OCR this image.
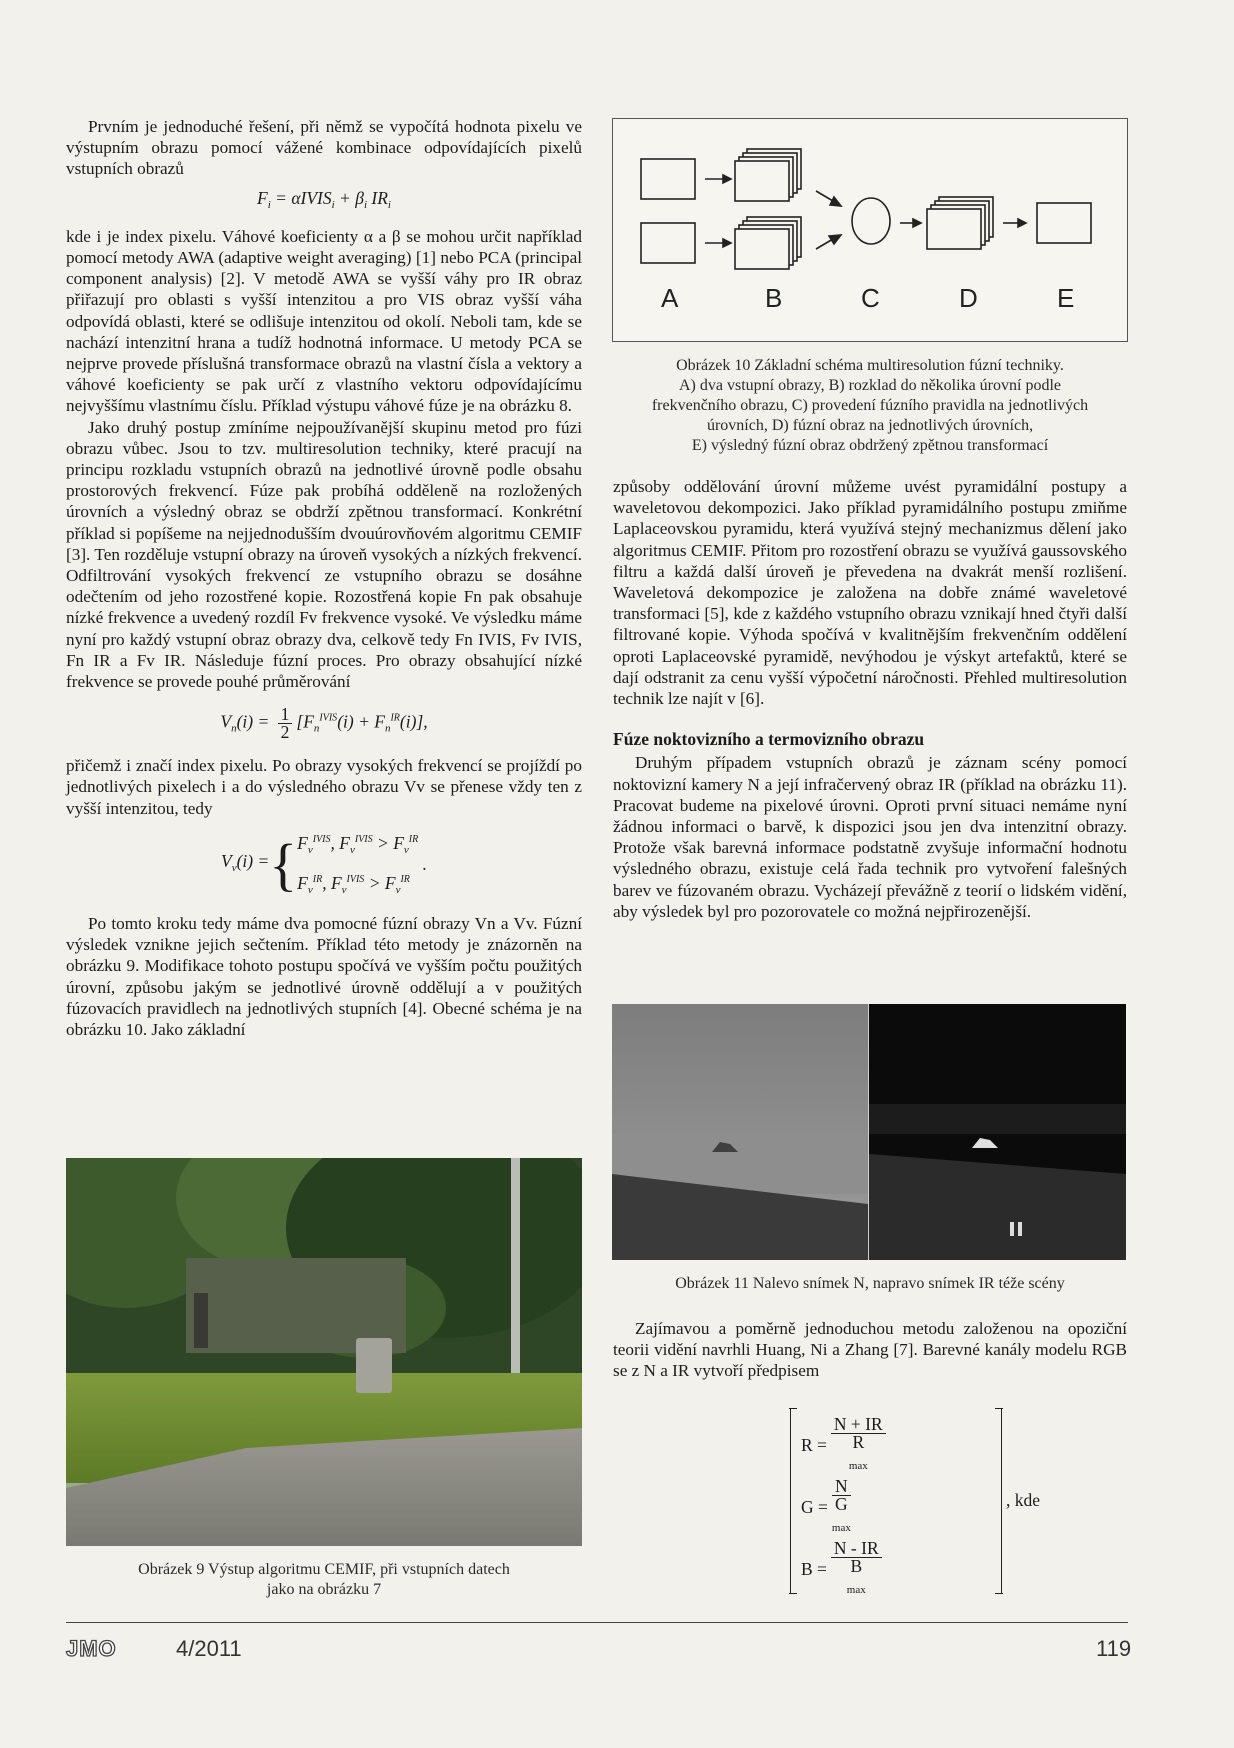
Prvním je jednoduché řešení, při němž se vypočítá hodnota pixelu ve výstupním obrazu pomocí vážené kombinace odpovídajících pixelů vstupních obrazů

$F_i$ = αIVIS$_i$ + $\beta_i$ $IR_i$

kde i je index pixelu. Váhové koeficienty α a β se mohou určit například pomocí metody AWA (adaptive weight averaging) [1] nebo PCA (principal component analysis) [2]. V metodě AWA se vyšší váhy pro IR obraz přiřazují pro oblasti s vyšší intenzitou a pro VIS obraz vyšší váha odpovídá oblasti, které se odlišuje intenzitou od okolí. Neboli tam, kde se nachází intenzitní hrana a tudíž hodnotná informace. U metody PCA se nejprve provede příslušná transformace obrazů na vlastní čísla a vektory a váhové koeficienty se pak určí z vlastního vektoru odpovídajícímu nejvyššímu vlastnímu číslu. Příklad výstupu váhové fúze je na obrázku 8.

Jako druhý postup zmíníme nejpoužívanější skupinu metod pro fúzi obrazu vůbec. Jsou to tzv. multiresolution techniky, které pracují na principu rozkladu vstupních obrazů na jednotlivé úrovně podle obsahu prostorových frekvencí. Fúze pak probíhá odděleně na rozložených úrovních a výsledný obraz se obdrží zpětnou transformací. Konkrétní příklad si popíšeme na nejjednodušším dvouúrovňovém algoritmu CEMIF [3]. Ten rozděluje vstupní obrazy na úroveň vysokých a nízkých frekvencí. Odfiltrování vysokých frekvencí ze vstupního obrazu se dosáhne odečtením od jeho rozostřené kopie. Rozostřená kopie Fn pak obsahuje nízké frekvence a uvedený rozdíl Fv frekvence vysoké. Ve výsledku máme nyní pro každý vstupní obraz obrazy dva, celkově tedy Fn IVIS, Fv IVIS, Fn IR a Fv IR. Následuje fúzní proces. Pro obrazy obsahující nízké frekvence se provede pouhé průměrování

$V_n(i) = \frac{1}{2} [F_n^{IVIS}(i) + F_n^{IR}(i)]$,

přičemž i značí index pixelu. Po obrazy vysokých frekvencí se projíždí po jednotlivých pixelech i a do výsledného obrazu Vv se přenese vždy ten z vyšší intenzitou, tedy

$V_v(i)$ = { $F_v^{IVIS}$, $F_v^{IVIS} > F_v^{IR}$
$F_v^{IR}$, $F_v^{IVIS} > F_v^{IR}$
.

Po tomto kroku tedy máme dva pomocné fúzní obrazy Vn a Vv. Fúzní výsledek vznikne jejich sečtením. Příklad této metody je znázorněn na obrázku 9. Modifikace tohoto postupu spočívá ve vyšším počtu použitých úrovní, způsobu jakým se jednotlivé úrovně oddělují a v použitých fúzovacích pravidlech na jednotlivých stupních [4]. Obecné schéma je na obrázku 10. Jako základní

Obrázek 9 Výstup algoritmu CEMIF, při vstupních datech
jako na obrázku 7
A	B	C	D	E
Obrázek 10 Základní schéma multiresolution fúzní techniky.
A) dva vstupní obrazy, B) rozklad do několika úrovní podle
frekvenčního obrazu, C) provedení fúzního pravidla na jednotlivých
úrovních, D) fúzní obraz na jednotlivých úrovních,
E) výsledný fúzní obraz obdržený zpětnou transformací

způsoby oddělování úrovní můžeme uvést pyramidální postupy a waveletovou dekompozici. Jako příklad pyramidálního postupu zmiňme Laplaceovskou pyramidu, která využívá stejný mechanizmus dělení jako algoritmus CEMIF. Přitom pro rozostření obrazu se využívá gaussovského filtru a každá další úroveň je převedena na dvakrát menší rozlišení. Waveletová dekompozice je založena na dobře známé waveletové transformaci [5], kde z každého vstupního obrazu vznikají hned čtyři další filtrované kopie. Výhoda spočívá v kvalitnějším frekvenčním oddělení oproti Laplaceovské pyramidě, nevýhodou je výskyt artefaktů, které se dají odstranit za cenu vyšší výpočetní náročnosti. Přehled multiresolution technik lze najít v [6].

Fúze noktovizního a termovizního obrazu

Druhým případem vstupních obrazů je záznam scény pomocí noktovizní kamery N a její infračervený obraz IR (příklad na obrázku 11). Pracovat budeme na pixelové úrovni. Oproti první situaci nemáme nyní žádnou informaci o barvě, k dispozici jsou jen dva intenzitní obrazy. Protože však barevná informace podstatně zvyšuje informační hodnotu výsledného obrazu, existuje celá řada technik pro vytvoření falešných barev ve fúzovaném obrazu. Vycházejí převážně z teorií o lidském vidění, aby výsledek byl pro pozorovatele co možná nejpřirozenější.

Obrázek 11 Nalevo snímek N, napravo snímek IR téže scény

Zajímavou a poměrně jednoduchou metodu založenou na opoziční teorii vidění navrhli Huang, Ni a Zhang [7]. Barevné kanály modelu RGB se z N a IR vytvoří předpisem

R = N + IR
R
$_{max}$
G = N
G
$_{max}$
B = N - IR
B
$_{max}$
, kde
JMO	4/2011	119
